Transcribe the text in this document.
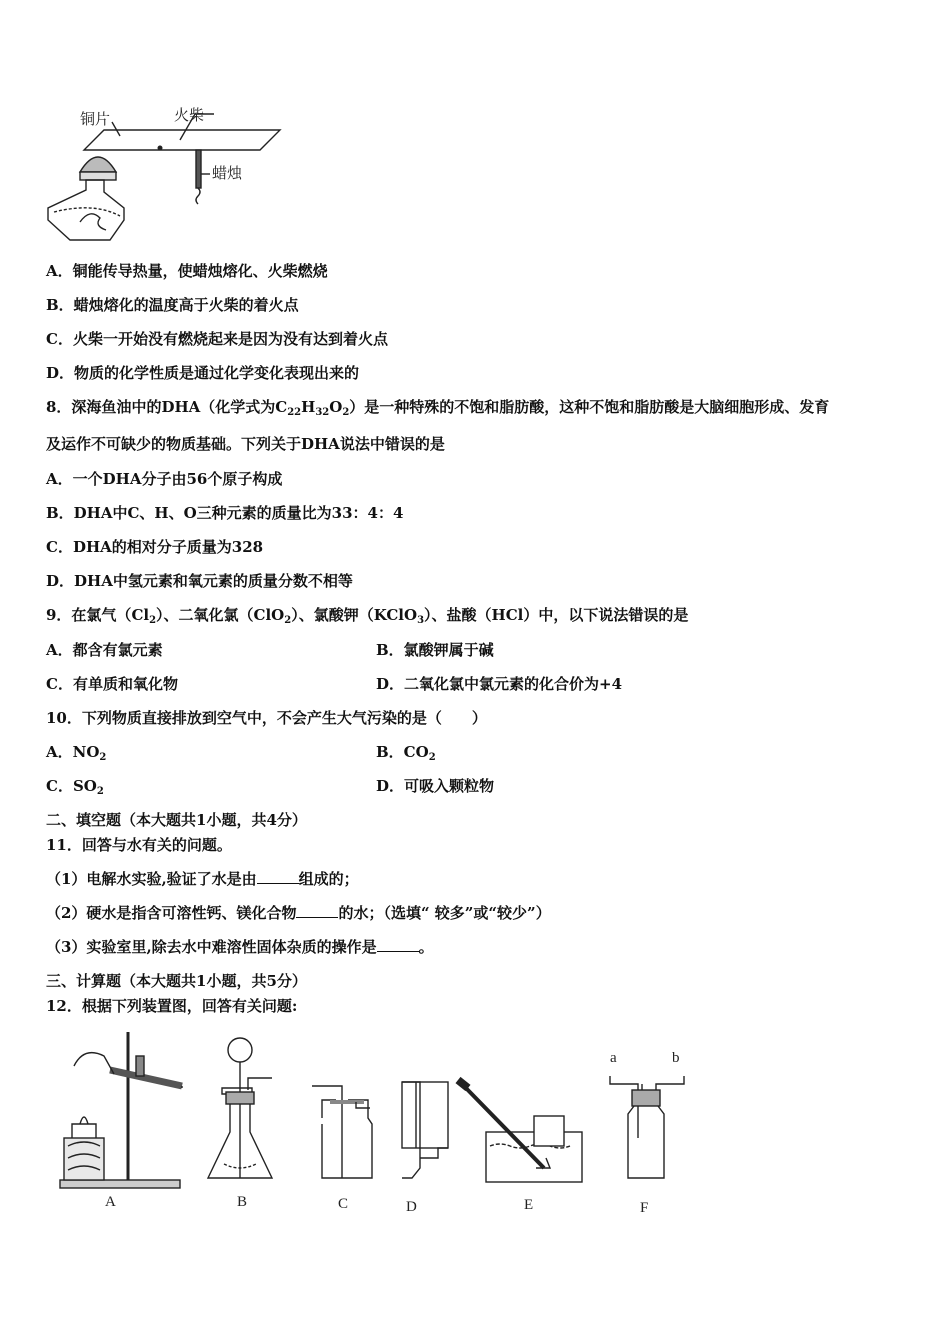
铜片	火柴
蜡烛
A．铜能传导热量，使蜡烛熔化、火柴燃烧
B．蜡烛熔化的温度高于火柴的着火点
C．火柴一开始没有燃烧起来是因为没有达到着火点
D．物质的化学性质是通过化学变化表现出来的
8．深海鱼油中的DHA（化学式为$C_{22}H_{32}O_2$）是一种特殊的不饱和脂肪酸，这种不饱和脂肪酸是大脑细胞形成、发育
及运作不可缺少的物质基础。下列关于DHA说法中错误的是
A．一个DHA分子由56个原子构成
B．DHA中C、H、O三种元素的质量比为33：4：4
C．DHA的相对分子质量为328
D．DHA中氢元素和氧元素的质量分数不相等
9．在氯气$(Cl_2)$、二氧化氯（ClO$_2$）、氯酸钾（KClO$_3$）、盐酸（HCl）中，以下说法错误的是
A．都含有氯元素	B．氯酸钾属于碱
C．有单质和氧化物	D．二氧化氯中氯元素的化合价为+4
10．下列物质直接排放到空气中，不会产生大气污染的是（　　）
A．$NO_2$	B．$CO_2$
C．$SO_2$	D．可吸入颗粒物
二、填空题（本大题共1小题，共4分）
11．回答与水有关的问题。
（1）电解水实验,验证了水是由	组成的；
（2）硬水是指含可溶性钙、镁化合物	的水；（选填“ 较多”或“较少”）
（3）实验室里,除去水中难溶性固体杂质的操作是	。
三、计算题（本大题共1小题，共5分）
12．根据下列装置图，回答有关问题:
A	B	C	D	E	F
a	b
